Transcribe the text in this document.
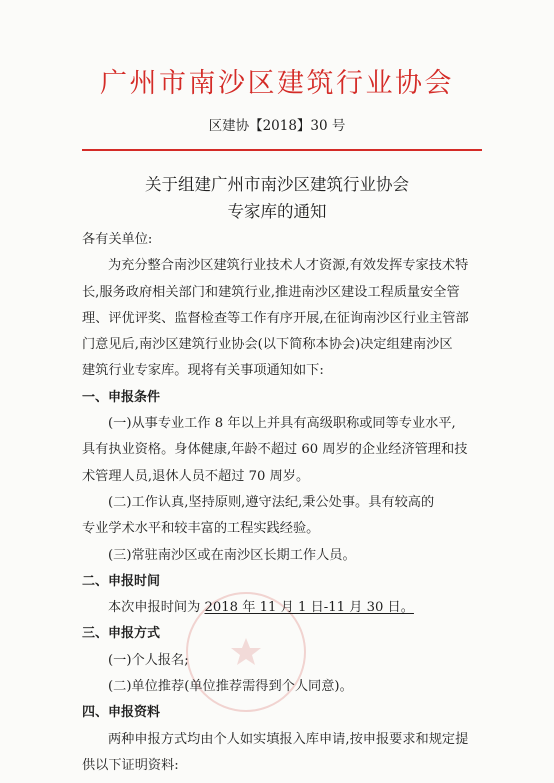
广州市南沙区建筑行业协会
区建协【2018】30 号
关于组建广州市南沙区建筑行业协会
专家库的通知
各有关单位:
为充分整合南沙区建筑行业技术人才资源,有效发挥专家技术特
长,服务政府相关部门和建筑行业,推进南沙区建设工程质量安全管
理、评优评奖、监督检查等工作有序开展,在征询南沙区行业主管部
门意见后,南沙区建筑行业协会(以下简称本协会)决定组建南沙区
建筑行业专家库。现将有关事项通知如下:
一、申报条件
(一)从事专业工作 8 年以上并具有高级职称或同等专业水平,
具有执业资格。身体健康,年龄不超过 60 周岁的企业经济管理和技
术管理人员,退休人员不超过 70 周岁。
(二)工作认真,坚持原则,遵守法纪,秉公处事。具有较高的
专业学术水平和较丰富的工程实践经验。
(三)常驻南沙区或在南沙区长期工作人员。
二、申报时间
本次申报时间为 2018 年 11 月 1 日-11 月 30 日。
三、申报方式
(一)个人报名;
(二)单位推荐(单位推荐需得到个人同意)。
四、申报资料
两种申报方式均由个人如实填报入库申请,按申报要求和规定提
供以下证明资料:
